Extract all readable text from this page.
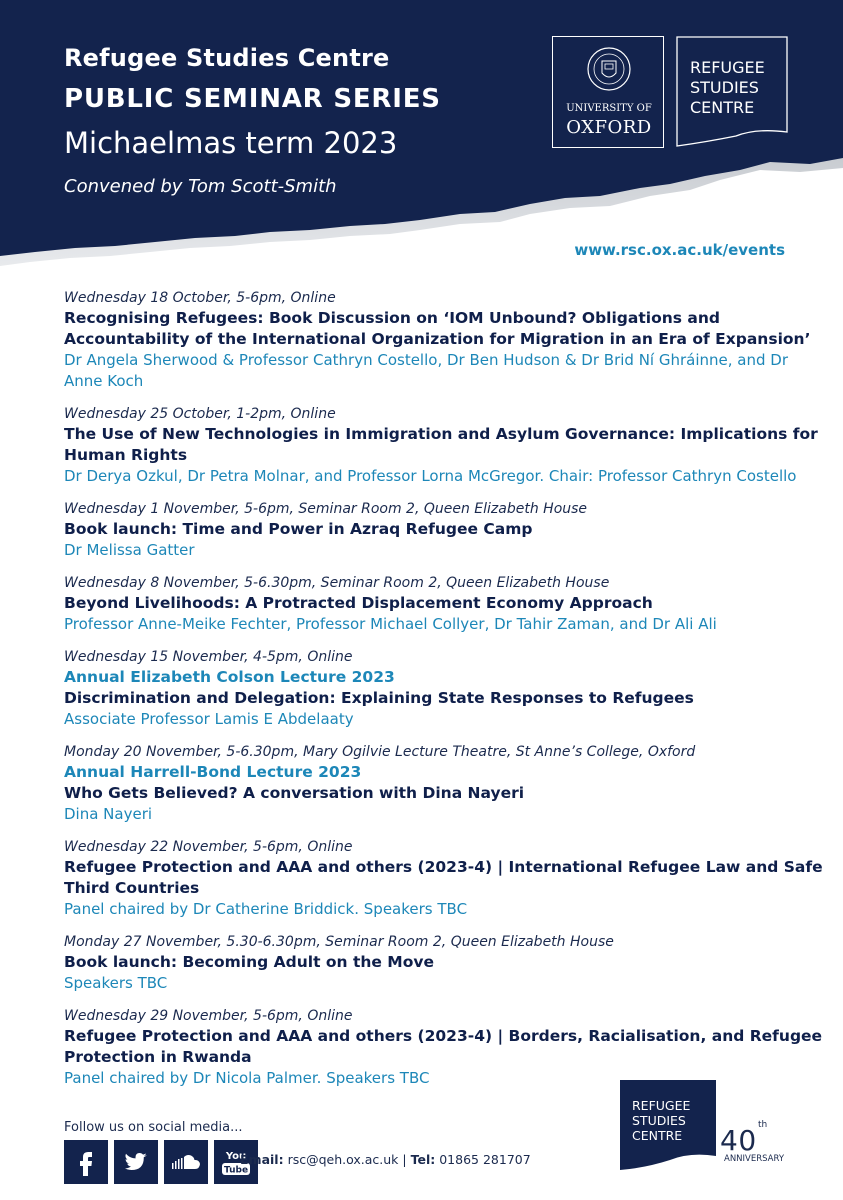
Refugee Studies Centre
PUBLIC SEMINAR SERIES
Michaelmas term 2023
Convened by Tom Scott-Smith
UNIVERSITY OF
OXFORD
REFUGEE
STUDIES
CENTRE
www.rsc.ox.ac.uk/events
Wednesday 18 October, 5-6pm, Online
Recognising Refugees: Book Discussion on ‘IOM Unbound? Obligations and Accountability of the International Organization for Migration in an Era of Expansion’
Dr Angela Sherwood & Professor Cathryn Costello, Dr Ben Hudson & Dr Brid Ní Ghráinne, and Dr Anne Koch
Wednesday 25 October, 1-2pm, Online
The Use of New Technologies in Immigration and Asylum Governance: Implications for Human Rights
Dr Derya Ozkul, Dr Petra Molnar, and Professor Lorna McGregor. Chair: Professor Cathryn Costello
Wednesday 1 November, 5-6pm, Seminar Room 2, Queen Elizabeth House
Book launch: Time and Power in Azraq Refugee Camp
Dr Melissa Gatter
Wednesday 8 November, 5-6.30pm, Seminar Room 2, Queen Elizabeth House
Beyond Livelihoods: A Protracted Displacement Economy Approach
Professor Anne-Meike Fechter, Professor Michael Collyer, Dr Tahir Zaman, and Dr Ali Ali
Wednesday 15 November, 4-5pm, Online
Annual Elizabeth Colson Lecture 2023
Discrimination and Delegation: Explaining State Responses to Refugees
Associate Professor Lamis E Abdelaaty
Monday 20 November, 5-6.30pm, Mary Ogilvie Lecture Theatre, St Anne’s College, Oxford
Annual Harrell-Bond Lecture 2023
Who Gets Believed? A conversation with Dina Nayeri
Dina Nayeri
Wednesday 22 November, 5-6pm, Online
Refugee Protection and AAA and others (2023-4) | International Refugee Law and Safe Third Countries
Panel chaired by Dr Catherine Briddick. Speakers TBC
Monday 27 November, 5.30-6.30pm, Seminar Room 2, Queen Elizabeth House
Book launch: Becoming Adult on the Move
Speakers TBC
Wednesday 29 November, 5-6pm, Online
Refugee Protection and AAA and others (2023-4) | Borders, Racialisation, and Refugee Protection in Rwanda
Panel chaired by Dr Nicola Palmer. Speakers TBC
Follow us on social media...
You
Tube
Email: rsc@qeh.ox.ac.uk | Tel: 01865 281707
REFUGEE
STUDIES
CENTRE 40 th
ANNIVERSARY
